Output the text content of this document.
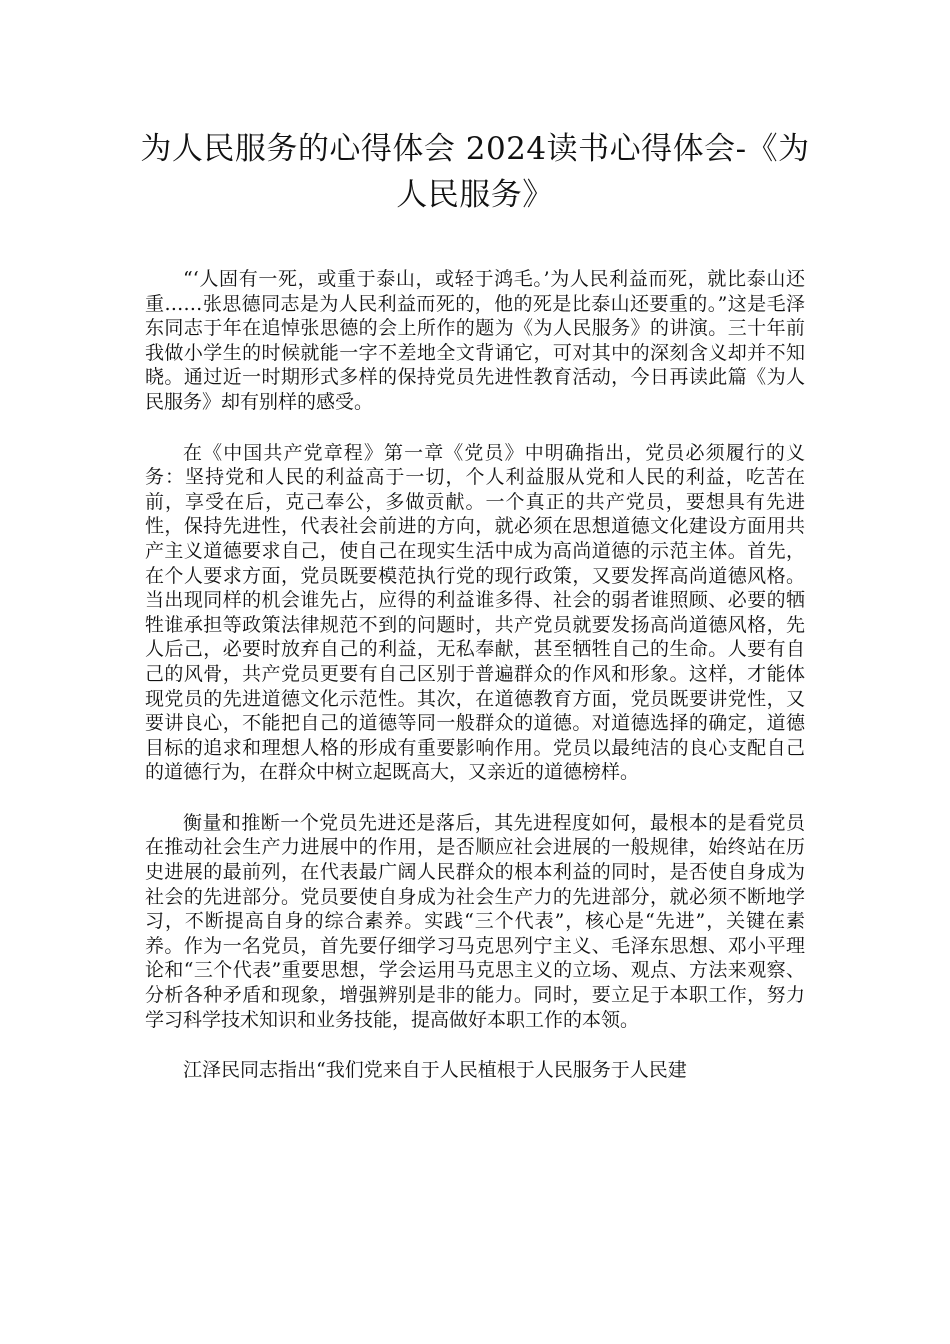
为人民服务的心得体会 2024读书心得体会-《为人民服务》

“‘人固有一死，或重于泰山，或轻于鸿毛。’为人民利益而死，就比泰山还重……张思德同志是为人民利益而死的，他的死是比泰山还要重的。”这是毛泽东同志于年在追悼张思德的会上所作的题为《为人民服务》的讲演。三十年前我做小学生的时候就能一字不差地全文背诵它，可对其中的深刻含义却并不知晓。通过近一时期形式多样的保持党员先进性教育活动，今日再读此篇《为人民服务》却有别样的感受。

在《中国共产党章程》第一章《党员》中明确指出，党员必须履行的义务：坚持党和人民的利益高于一切，个人利益服从党和人民的利益，吃苦在前，享受在后，克己奉公，多做贡献。一个真正的共产党员，要想具有先进性，保持先进性，代表社会前进的方向，就必须在思想道德文化建设方面用共产主义道德要求自己，使自己在现实生活中成为高尚道德的示范主体。首先，在个人要求方面，党员既要模范执行党的现行政策，又要发挥高尚道德风格。当出现同样的机会谁先占，应得的利益谁多得、社会的弱者谁照顾、必要的牺牲谁承担等政策法律规范不到的问题时，共产党员就要发扬高尚道德风格，先人后己，必要时放弃自己的利益，无私奉献，甚至牺牲自己的生命。人要有自己的风骨，共产党员更要有自己区别于普遍群众的作风和形象。这样，才能体现党员的先进道德文化示范性。其次，在道德教育方面，党员既要讲党性，又要讲良心，不能把自己的道德等同一般群众的道德。对道德选择的确定，道德目标的追求和理想人格的形成有重要影响作用。党员以最纯洁的良心支配自己的道德行为，在群众中树立起既高大，又亲近的道德榜样。

衡量和推断一个党员先进还是落后，其先进程度如何，最根本的是看党员在推动社会生产力进展中的作用，是否顺应社会进展的一般规律，始终站在历史进展的最前列，在代表最广阔人民群众的根本利益的同时，是否使自身成为社会的先进部分。党员要使自身成为社会生产力的先进部分，就必须不断地学习，不断提高自身的综合素养。实践“三个代表”，核心是“先进”，关键在素养。作为一名党员，首先要仔细学习马克思列宁主义、毛泽东思想、邓小平理论和“三个代表”重要思想，学会运用马克思主义的立场、观点、方法来观察、分析各种矛盾和现象，增强辨别是非的能力。同时，要立足于本职工作，努力学习科学技术知识和业务技能，提高做好本职工作的本领。

江泽民同志指出“我们党来自于人民植根于人民服务于人民建
